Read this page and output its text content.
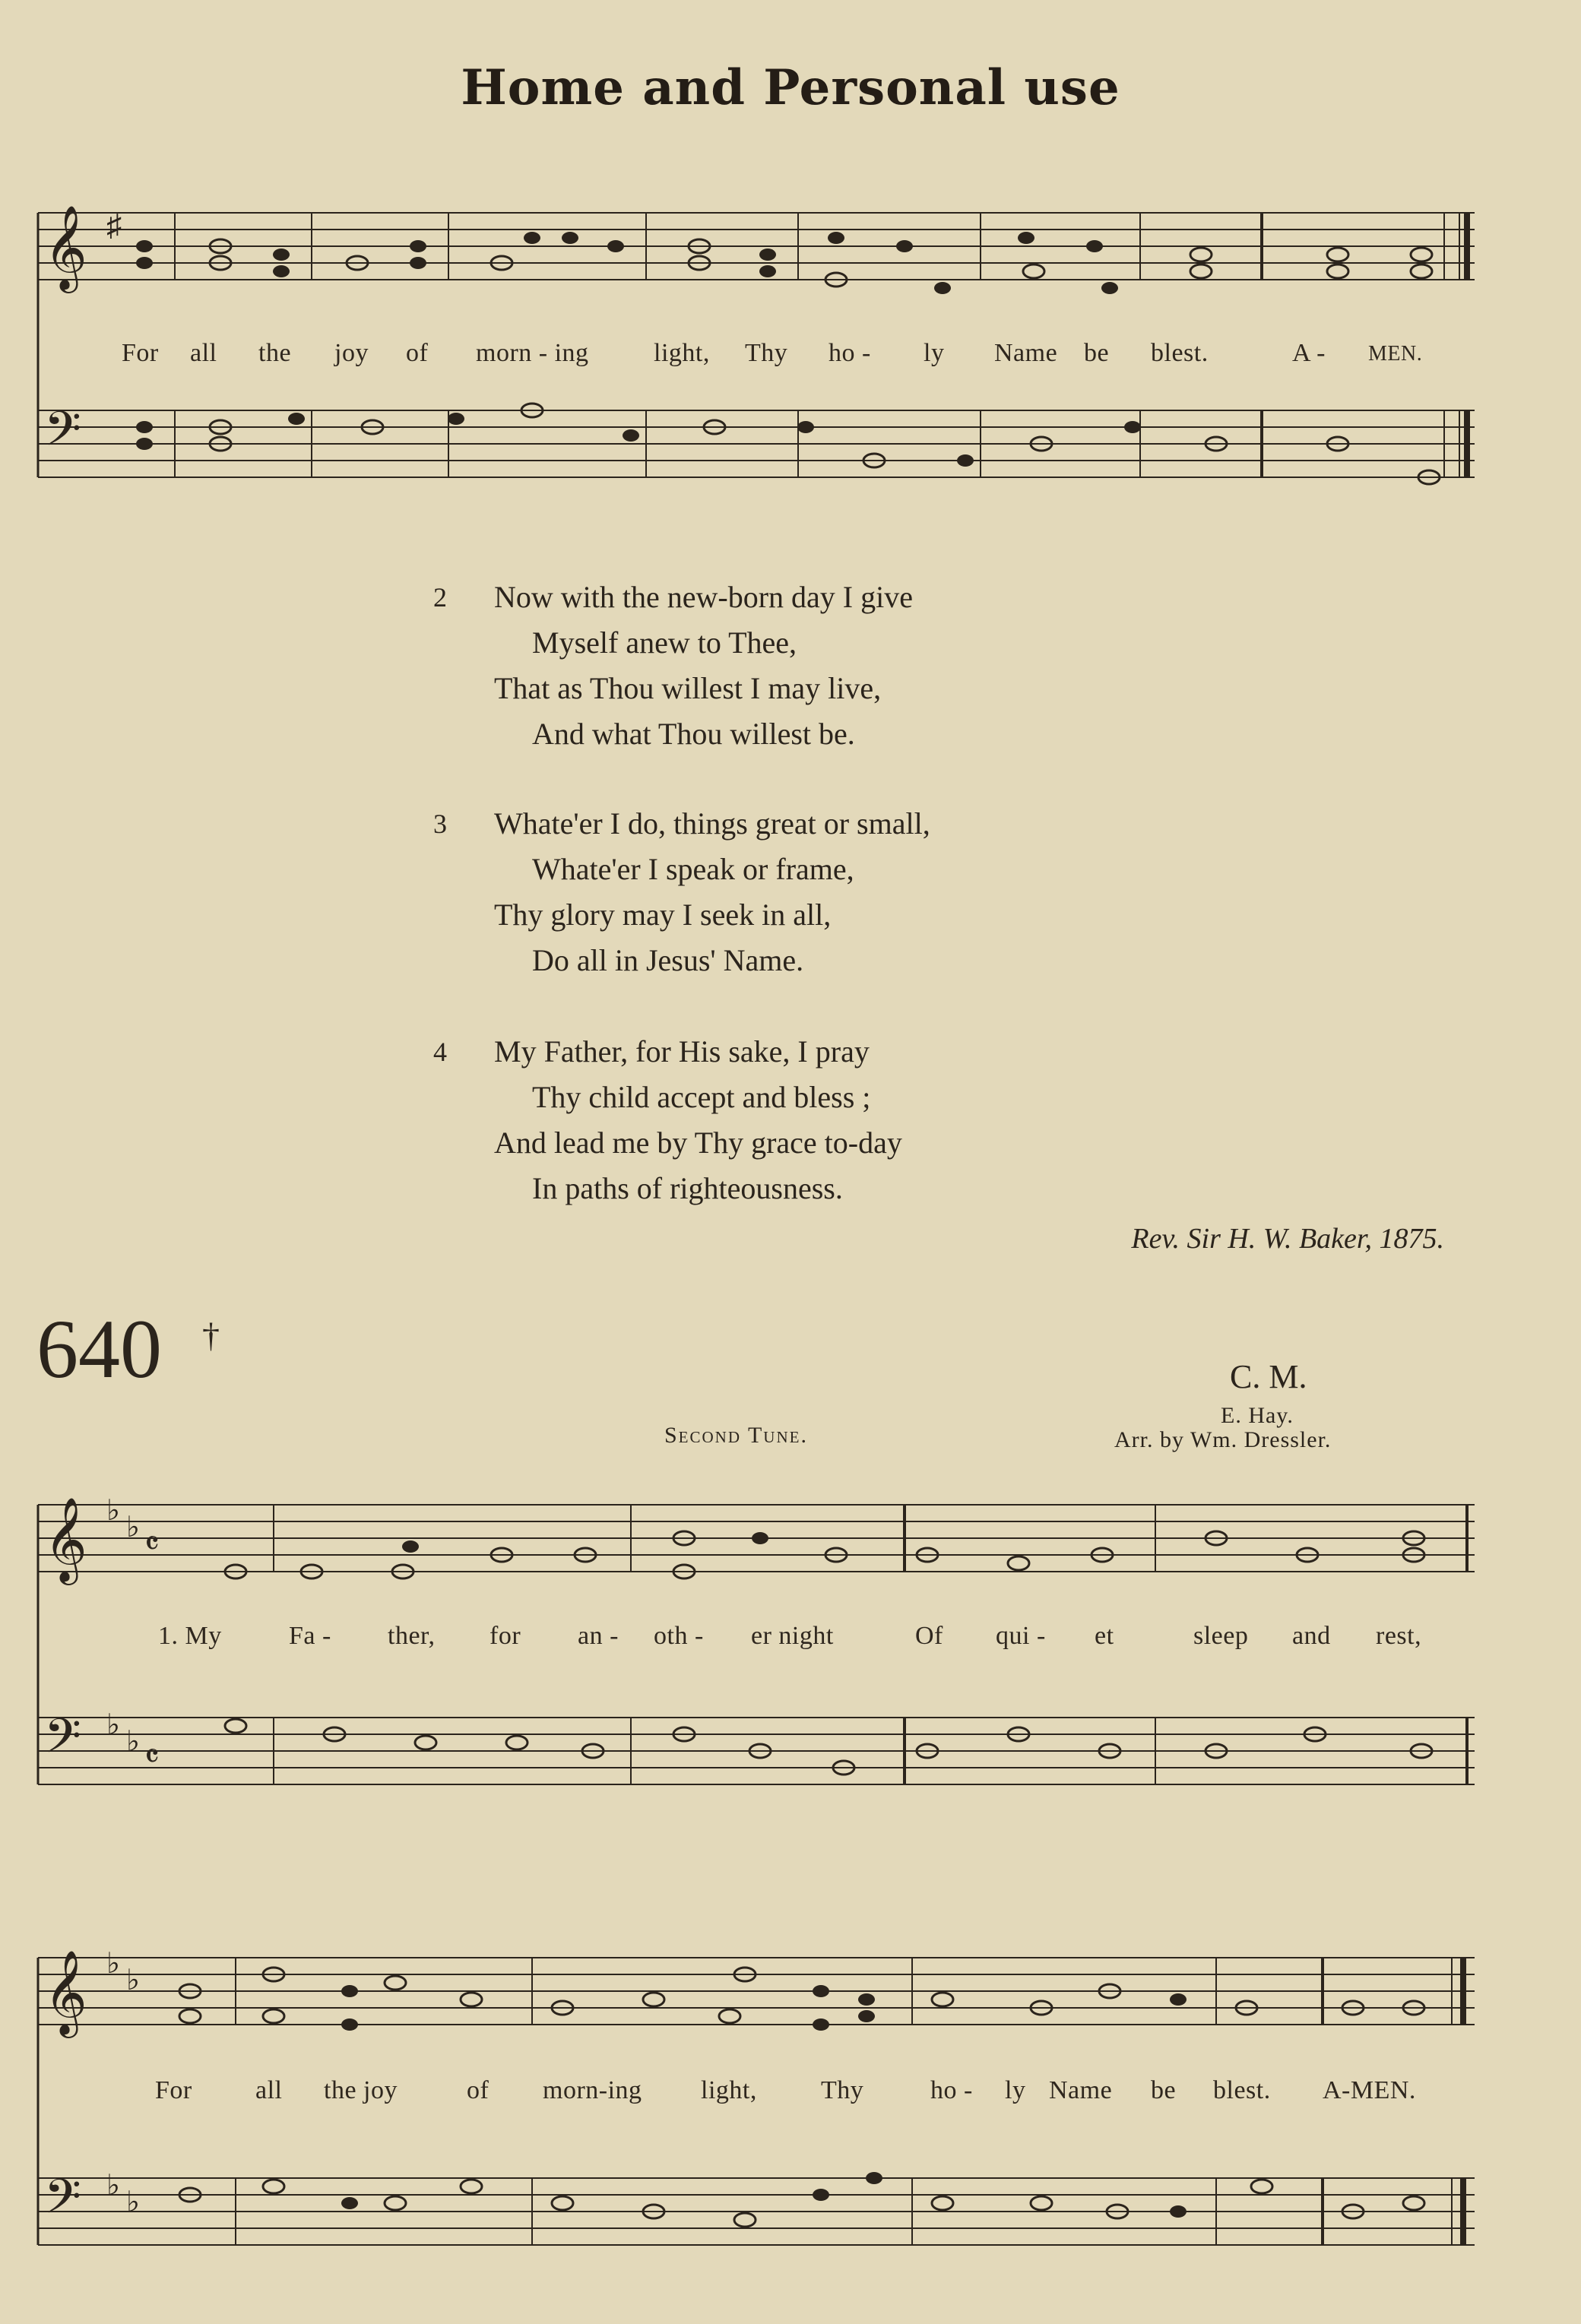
Home and Personal use
𝄞
𝄢
♯
For all the joy of morn - ing	light, Thy ho - ly Name be blest.	A - MEN.
2	Now with the new-born day I give
Myself anew to Thee,
That as Thou willest I may live,
And what Thou willest be.
3	Whate'er I do, things great or small,
Whate'er I speak or frame,
Thy glory may I seek in all,
Do all in Jesus' Name.
4	My Father, for His sake, I pray
Thy child accept and bless ;
And lead me by Thy grace to-day
In paths of righteousness.
Rev. Sir H. W. Baker, 1875.
640 †
C. M.
E. Hay.
Arr. by Wm. Dressler.
Second Tune.
𝄞
𝄢
♭
♭ 𝄴
♭
♭ 𝄴
1. My	Fa - ther, for an - oth - er night	Of qui - et	sleep and rest,
𝄞
𝄢
♭
♭
♭
♭
For all the joy	of morn-ing light, Thy	ho - ly Name be blest. A-MEN.
